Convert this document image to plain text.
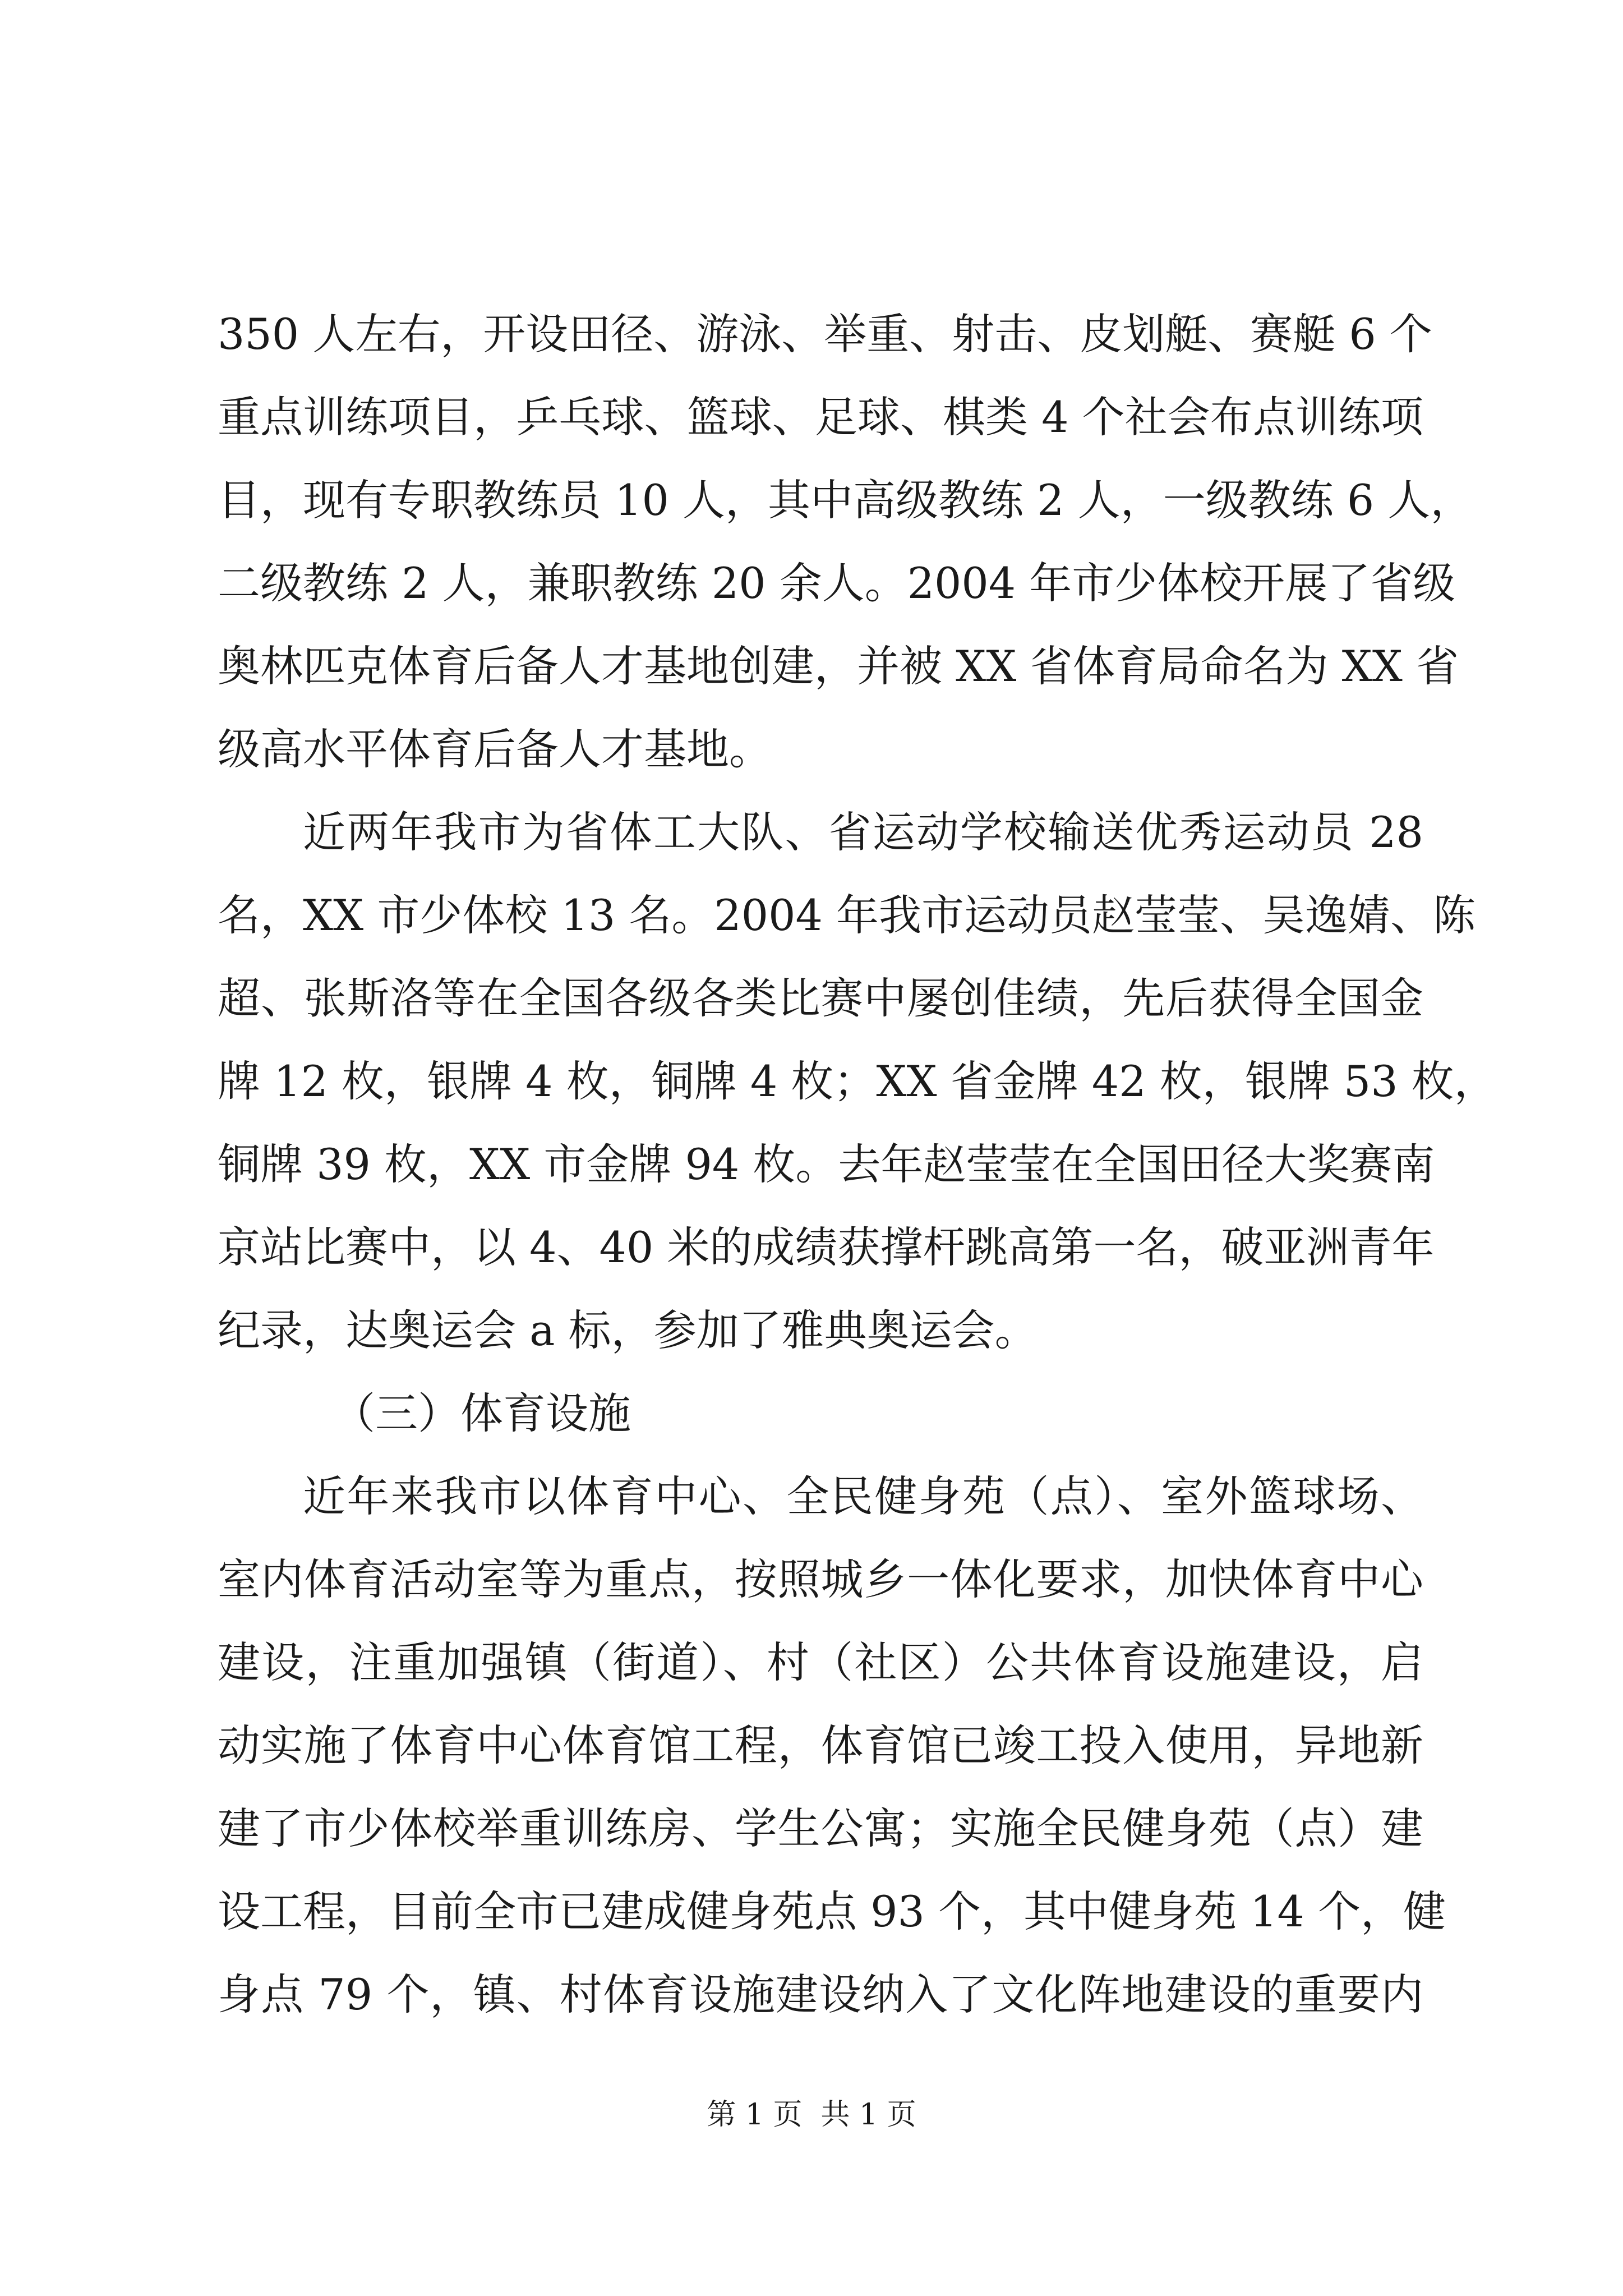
350 人左右，开设田径、游泳、举重、射击、皮划艇、赛艇 6 个
重点训练项目，乒乓球、篮球、足球、棋类 4 个社会布点训练项
目，现有专职教练员 10 人，其中高级教练 2 人，一级教练 6 人，
二级教练 2 人，兼职教练 20 余人。2004 年市少体校开展了省级
奥林匹克体育后备人才基地创建，并被 XX 省体育局命名为 XX 省
级高水平体育后备人才基地。
近两年我市为省体工大队、省运动学校输送优秀运动员 28
名，XX 市少体校 13 名。2004 年我市运动员赵莹莹、吴逸婧、陈
超、张斯洛等在全国各级各类比赛中屡创佳绩，先后获得全国金
牌 12 枚，银牌 4 枚，铜牌 4 枚；XX 省金牌 42 枚，银牌 53 枚，
铜牌 39 枚，XX 市金牌 94 枚。去年赵莹莹在全国田径大奖赛南
京站比赛中，以 4、40 米的成绩获撑杆跳高第一名，破亚洲青年
纪录，达奥运会 a 标，参加了雅典奥运会。
（三）体育设施
近年来我市以体育中心、全民健身苑（点）、室外篮球场、
室内体育活动室等为重点，按照城乡一体化要求，加快体育中心
建设，注重加强镇（街道）、村（社区）公共体育设施建设，启
动实施了体育中心体育馆工程，体育馆已竣工投入使用，异地新
建了市少体校举重训练房、学生公寓；实施全民健身苑（点）建
设工程，目前全市已建成健身苑点 93 个，其中健身苑 14 个，健
身点 79 个，镇、村体育设施建设纳入了文化阵地建设的重要内
第 1 页  共 1 页
